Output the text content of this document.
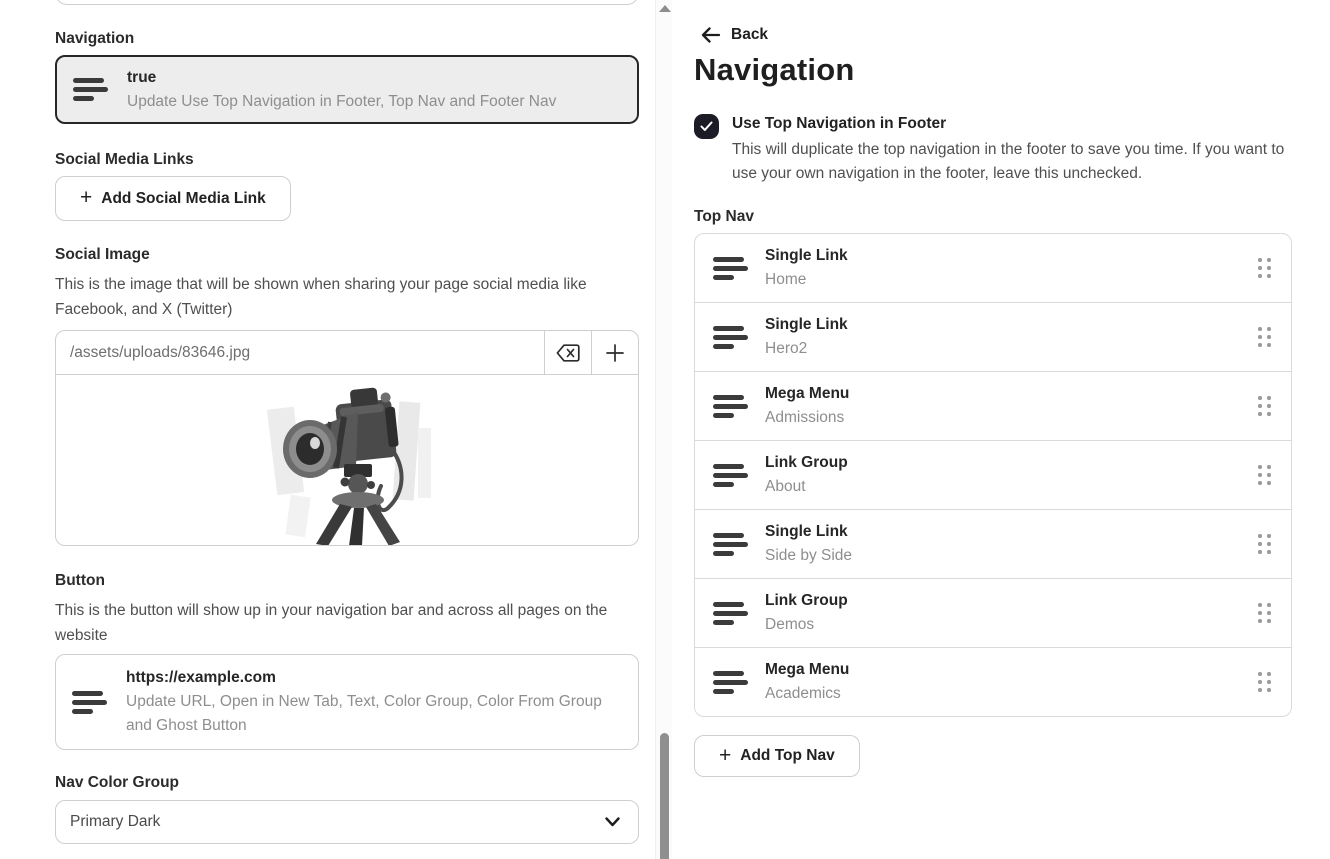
Navigation
true
Update Use Top Navigation in Footer, Top Nav and Footer Nav
Social Media Links
+ Add Social Media Link
Social Image
This is the image that will be shown when sharing your page social media like Facebook, and X (Twitter)
/assets/uploads/83646.jpg
Button
This is the button will show up in your navigation bar and across all pages on the website
https://example.com
Update URL, Open in New Tab, Text, Color Group, Color From Group and Ghost Button
Nav Color Group
Primary Dark
Back
Navigation
Use Top Navigation in Footer
This will duplicate the top navigation in the footer to save you time. If you want to use your own navigation in the footer, leave this unchecked.
Top Nav
Single Link
Home
Single Link
Hero2
Mega Menu
Admissions
Link Group
About
Single Link
Side by Side
Link Group
Demos
Mega Menu
Academics
+ Add Top Nav
